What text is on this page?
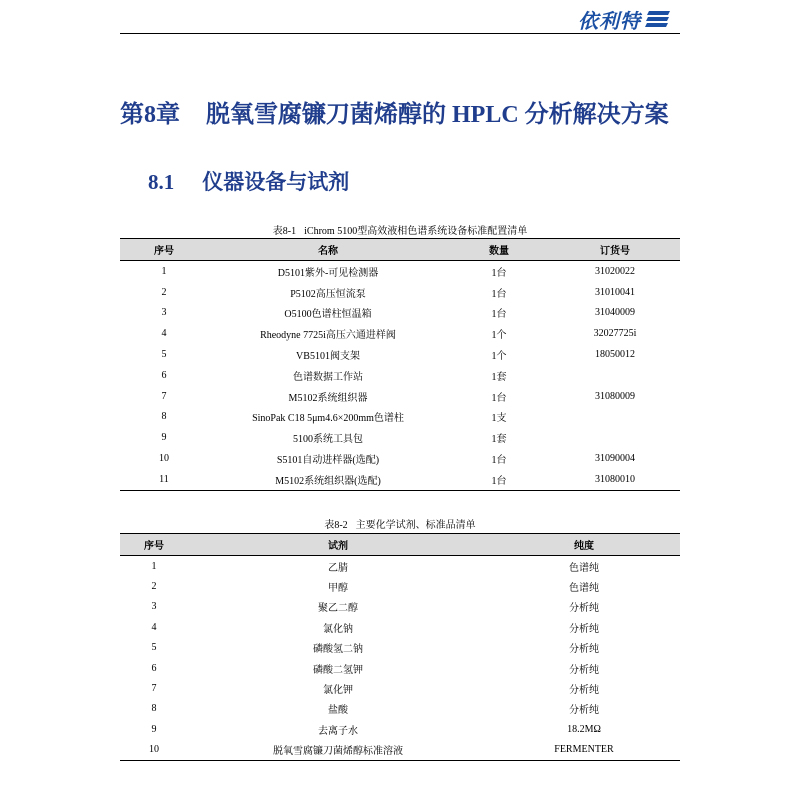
依利特
第8章 脱氧雪腐镰刀菌烯醇的 HPLC 分析解决方案
8.1 仪器设备与试剂
表8-1 iChrom 5100型高效液相色谱系统设备标准配置清单
序号	名称	数量	订货号
1	D5101紫外-可见检测器	1台	31020022
2	P5102高压恒流泵	1台	31010041
3	O5100色谱柱恒温箱	1台	31040009
4	Rheodyne 7725i高压六通进样阀	1个	32027725i
5	VB5101阀支架	1个	18050012
6	色谱数据工作站	1套	
7	M5102系统组织器	1台	31080009
8	SinoPak C18 5μm4.6×200mm色谱柱	1支	
9	5100系统工具包	1套	
10	S5101自动进样器(选配)	1台	31090004
11	M5102系统组织器(选配)	1台	31080010
表8-2 主要化学试剂、标准品清单
序号	试剂	纯度
1	乙腈	色谱纯
2	甲醇	色谱纯
3	聚乙二醇	分析纯
4	氯化钠	分析纯
5	磷酸氢二钠	分析纯
6	磷酸二氢钾	分析纯
7	氯化钾	分析纯
8	盐酸	分析纯
9	去离子水	18.2MΩ
10	脱氧雪腐镰刀菌烯醇标准溶液	FERMENTER
